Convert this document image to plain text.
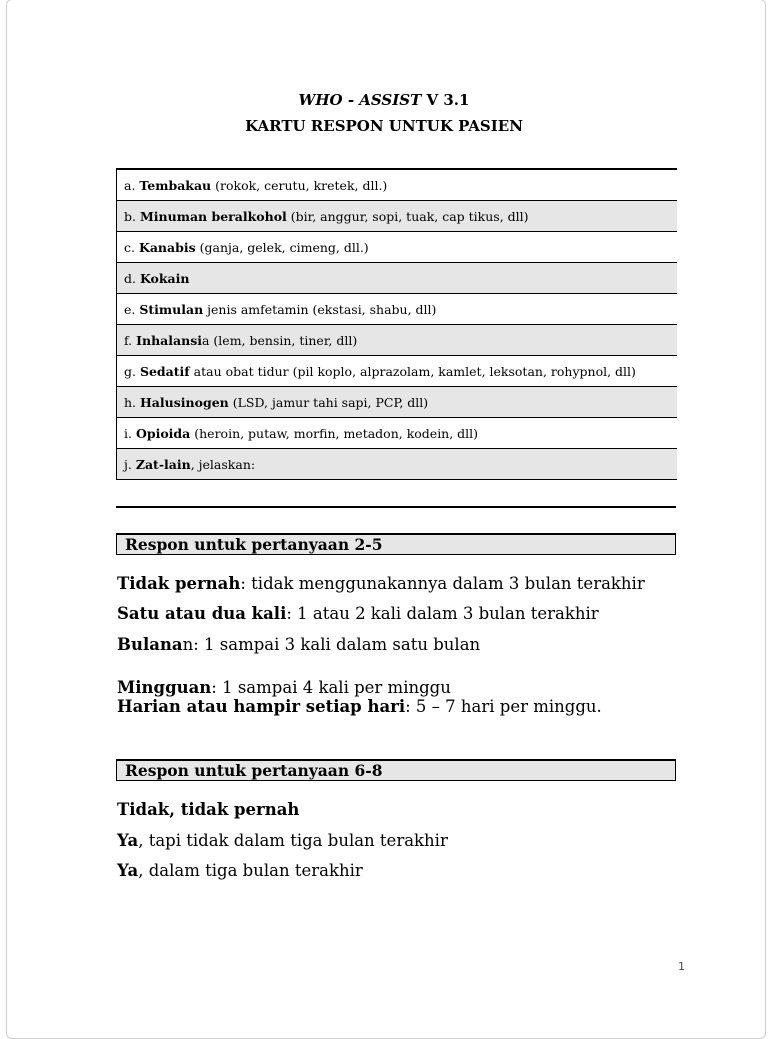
WHO - ASSIST V 3.1
KARTU RESPON UNTUK PASIEN
a. Tembakau (rokok, cerutu, kretek, dll.)
b. Minuman beralkohol (bir, anggur, sopi, tuak, cap tikus, dll)
c. Kanabis (ganja, gelek, cimeng, dll.)
d. Kokain
e. Stimulan jenis amfetamin (ekstasi, shabu, dll)
f. Inhalansia (lem, bensin, tiner, dll)
g. Sedatif atau obat tidur (pil koplo, alprazolam, kamlet, leksotan, rohypnol, dll)
h. Halusinogen (LSD, jamur tahi sapi, PCP, dll)
i. Opioida (heroin, putaw, morfin, metadon, kodein, dll)
j. Zat-lain, jelaskan:
Respon untuk pertanyaan 2-5
Tidak pernah: tidak menggunakannya dalam 3 bulan terakhir
Satu atau dua kali: 1 atau 2 kali dalam 3 bulan terakhir
Bulanan: 1 sampai 3 kali dalam satu bulan
Mingguan: 1 sampai 4 kali per minggu
Harian atau hampir setiap hari: 5 – 7 hari per minggu.
Respon untuk pertanyaan 6-8
Tidak, tidak pernah
Ya, tapi tidak dalam tiga bulan terakhir
Ya, dalam tiga bulan terakhir
1
